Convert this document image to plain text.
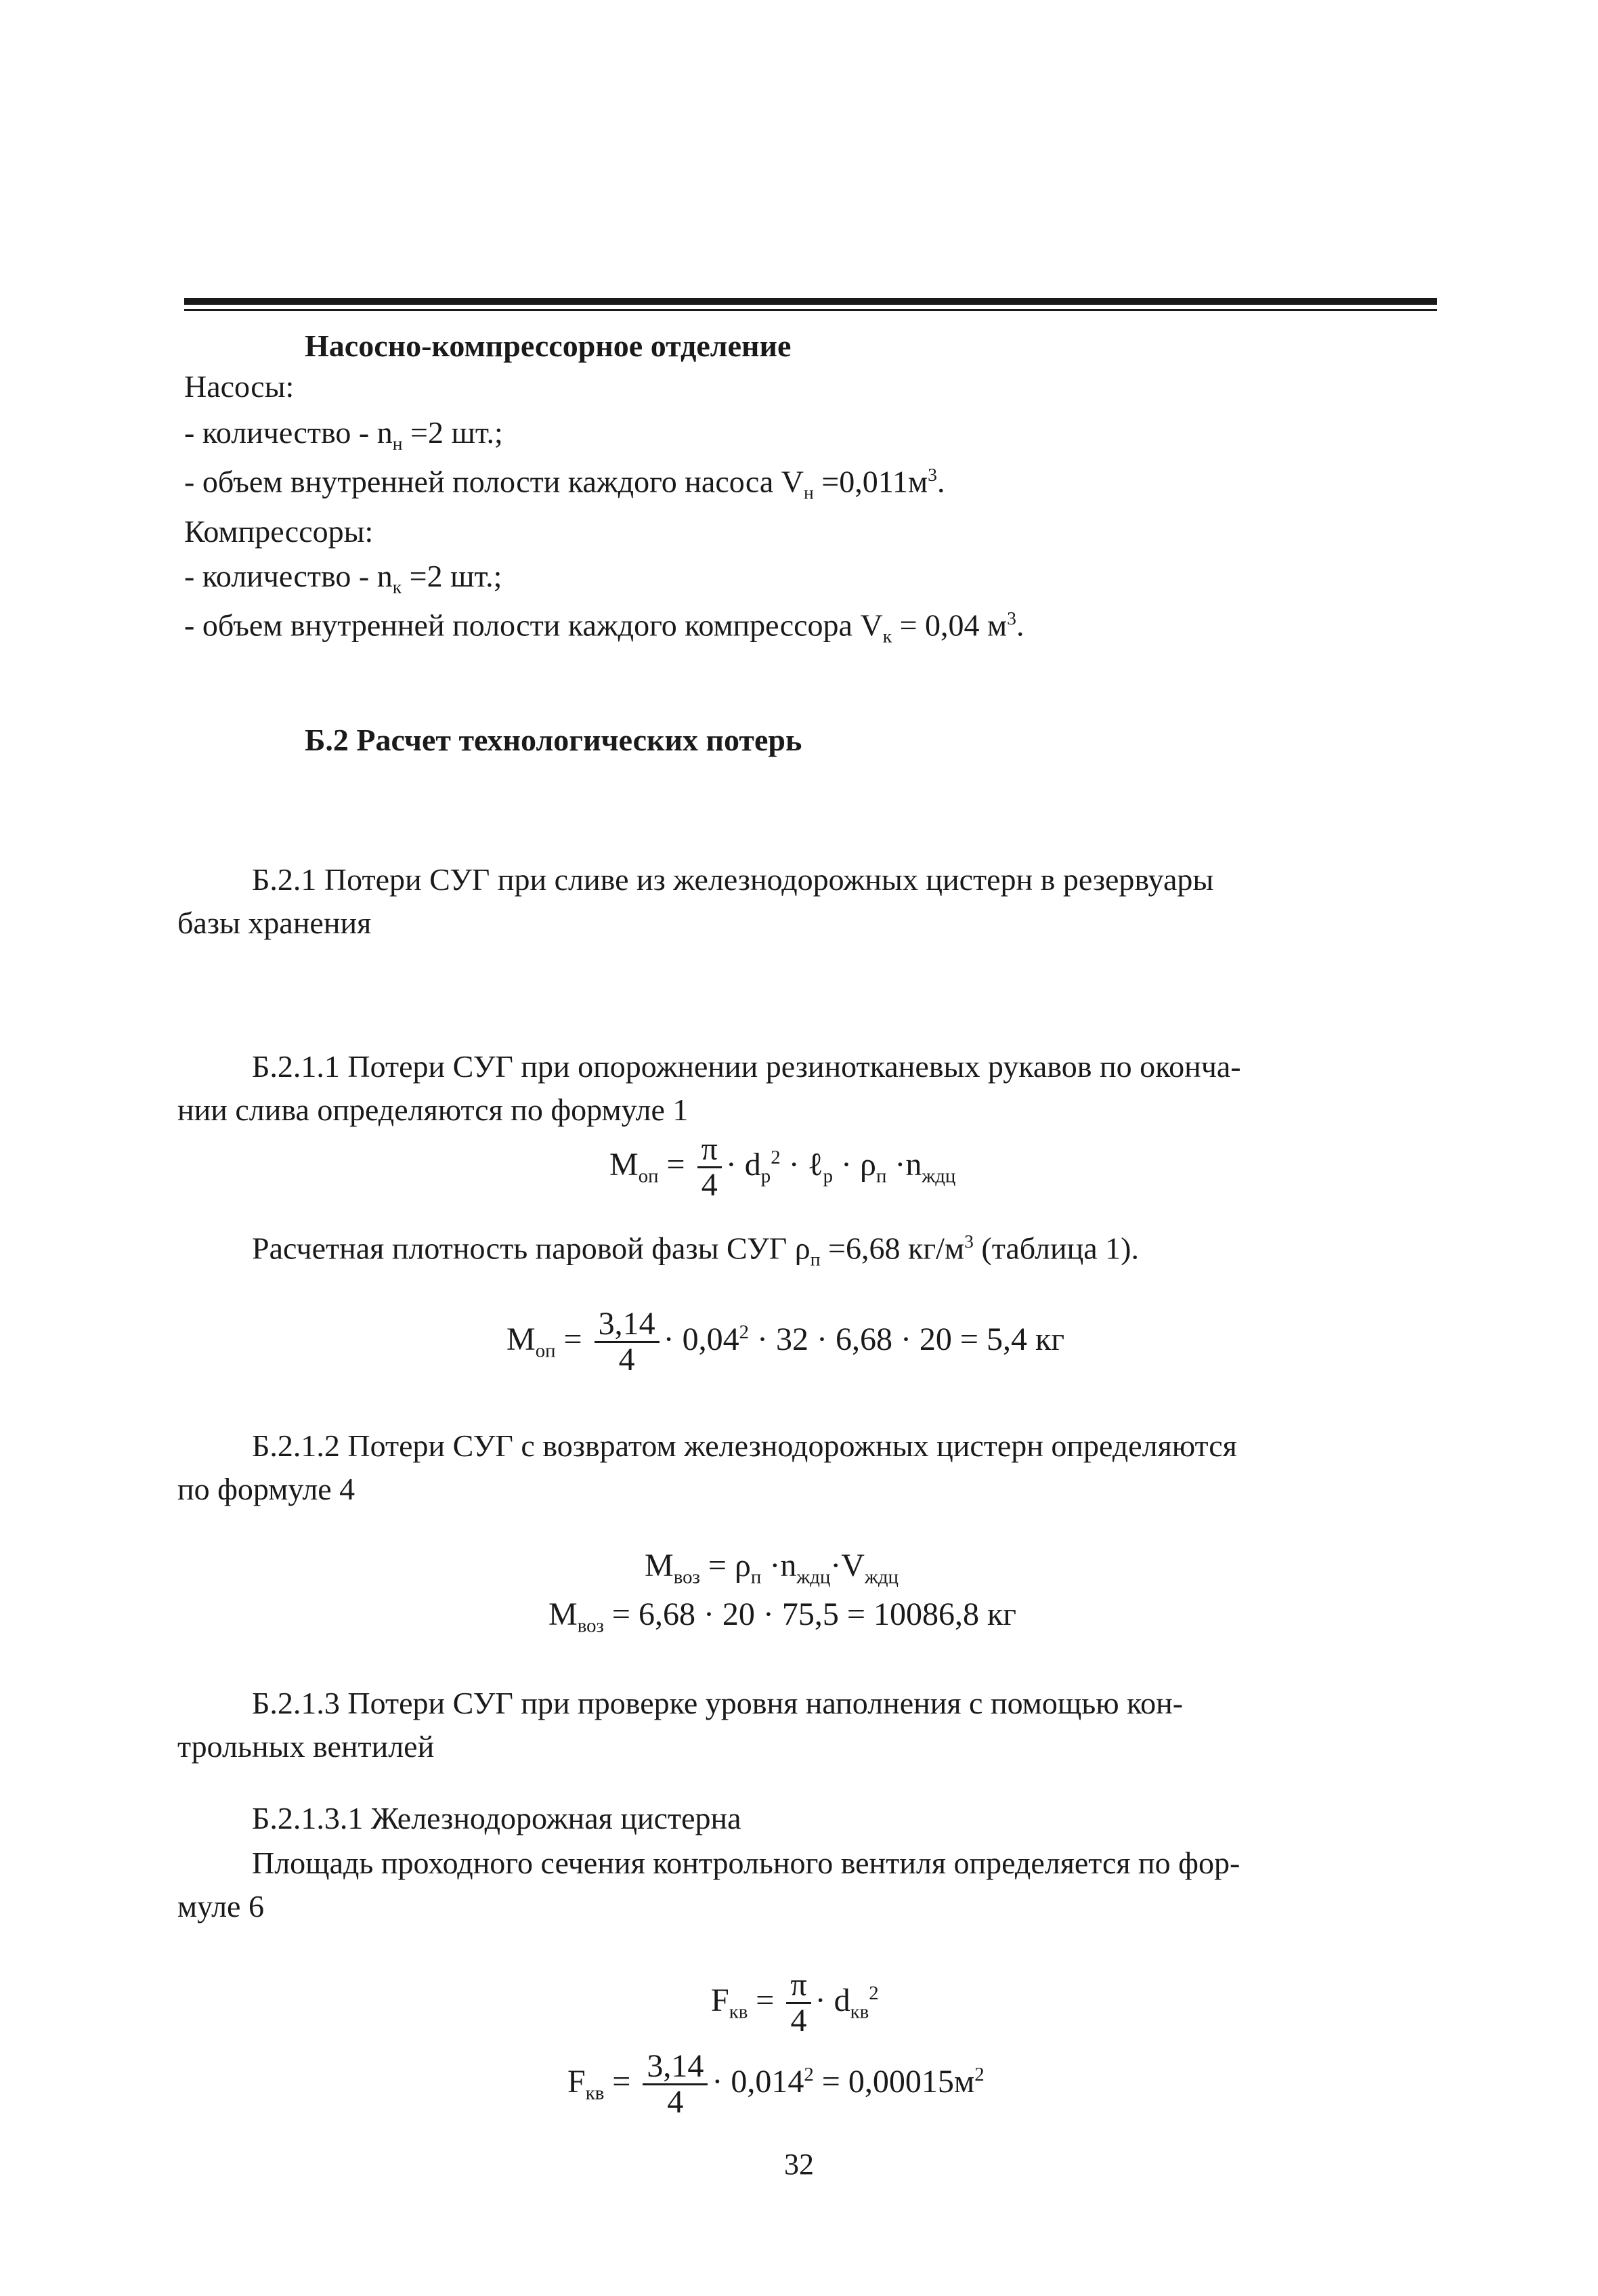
Насосно-компрессорное отделение
Насосы:
- количество - $n_н =2$ шт.;
- объем внутренней полости каждого насоса $V_н =0,011м^3$.
Компрессоры:
- количество - $n_к =2$ шт.;
- объем внутренней полости каждого компрессора $V_к = 0,04$ $м^3$.
Б.2 Расчет технологических потерь
Б.2.1 Потери СУГ при сливе из железнодорожных цистерн в резервуары
базы хранения
Б.2.1.1 Потери СУГ при опорожнении резинотканевых рукавов по оконча-
нии слива определяются по формуле 1
$M_{оп} = \frac{\pi}{4} \cdot d_р^2$ · ℓ$_р$ · $\rho_п \cdot n_{ждц}$
Расчетная плотность паровой фазы СУГ $\rho_п =6,68$ $кг/м^3$ (таблица 1).
$M_{оп} = \frac{3,14}{4} \cdot 0,04^2 \cdot 32 \cdot 6,68 \cdot 20 = 5,4$ кг
Б.2.1.2 Потери СУГ с возвратом железнодорожных цистерн определяются
по формуле 4
$M_{воз} = \rho_п \cdot n_{ждц}\cdot V_{ждц}$
$M_{воз} = 6,68 \cdot 20 \cdot 75,5 = 10086,8$ кг
Б.2.1.3 Потери СУГ при проверке уровня наполнения с помощью кон-
трольных вентилей
Б.2.1.3.1 Железнодорожная цистерна
Площадь проходного сечения контрольного вентиля определяется по фор-
муле 6
$F_{кв} = \frac{\pi}{4} \cdot d_{кв}^2$
$F_{кв} = \frac{3,14}{4} \cdot 0,014^2 = 0,00015м^2$
32
